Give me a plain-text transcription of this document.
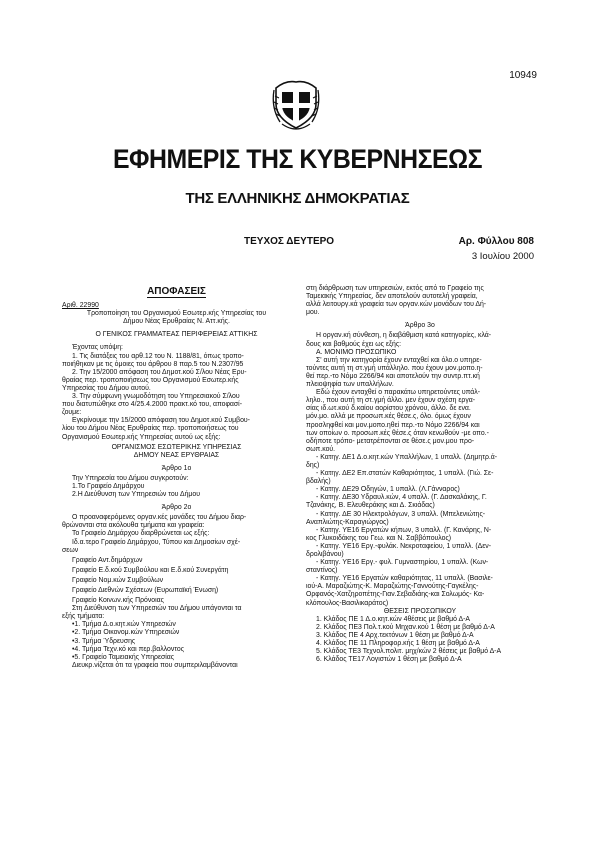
10949
ΕΦΗΜΕΡΙΣ ΤΗΣ ΚΥΒΕΡΝΗΣΕΩΣ
ΤΗΣ ΕΛΛΗΝΙΚΗΣ ΔΗΜΟΚΡΑΤΙΑΣ
ΤΕΥΧΟΣ ΔΕΥΤΕΡΟ	Αρ. Φύλλου 808
3 Ιουλίου 2000
ΑΠΟΦΑΣΕΙΣ

Αριθ. 22990

Τροποποίηση του Οργανισμού Εσωτερ.κής Υπηρεσίας του

Δήμου Νέας Ερυθραίας Ν. Αττ.κής.

Ο ΓΕΝΙΚΟΣ ΓΡΑΜΜΑΤΕΑΣ ΠΕΡΙΦΕΡΕΙΑΣ ΑΤΤΙΚΗΣ

Έχοντας υπόψη:

1. Τις διατάξεις του αρθ.12 του Ν. 1188/81, όπως τροπο-

ποιήθηκαν με τις όμοιες του άρθρου 8 παρ.5 του Ν.2307/95

2. Την 15/2000 απόφαση του Δημοτ.κού Σ/λου Νέας Ερυ-

θραίας περ. τροποποιήσεως του Οργανισμού Εσωτερ.κής

Υπηρεσίας του Δήμου αυτού.

3. Την σύμφωνη γνωμοδότηση του Υπηρεσιακού Σ/λου

που διατυπώθηκε στο 4/25.4.2000 πρακτ.κό του, αποφασί-

ζουμε:

Εγκρίνουμε την 15/2000 απόφαση του Δημοτ.κού Συμβου-

λίου του Δήμου Νέας Ερυθραίας περ. τροποποιήσεως του

Οργανισμού Εσωτερ.κής Υπηρεσίας αυτού ως εξής:

ΟΡΓΑΝΙΣΜΟΣ ΕΣΩΤΕΡΙΚΗΣ ΥΠΗΡΕΣΙΑΣ

ΔΗΜΟΥ ΝΕΑΣ ΕΡΥΘΡΑΙΑΣ

Άρθρο 1ο

Την Υπηρεσία του Δήμου συγκροτούν:

1.Το Γραφείο Δημάρχου

2.Η Διεύθυνση των Υπηρεσιών του Δήμου

Άρθρο 2ο

Ο προαναφερόμενες οργαν.κές μονάδες του Δήμου διαρ-

θρώνονται στα ακόλουθα τμήματα και γραφεία:

Το Γραφείο Δημάρχου διαρθρώνεται ως εξής:

Ιδ.α.τερο Γραφείο Δημάρχου, Τύπου και Δημοσίων σχέ-

σεων

Γραφείο Αντ.δημάρχων

Γραφείο Ε.δ.κού Συμβούλου και Ε.δ.κού Συνεργάτη

Γραφείο Νομ.κών Συμβούλων

Γραφείο Διεθνών Σχέσεων (Ευρωπαϊκή Ένωση)

Γραφείο Κοινων.κής Πρόνοιας

Στη Διεύθυνση των Υπηρεσιών του Δήμου υπάγονται τα

εξής τμήματα:

•1. Τμήμα Δ.ο.κητ.κών Υπηρεσιών

•2. Τμήμα Οικονομ.κών Υπηρεσιών

•3. Τμήμα Ύδρευσης

•4. Τμήμα Τεχν.κό και περ.βαλλοντος

•5. Γραφείο Ταμειακής Υπηρεσίας

Διευκρ.νίζεται ότι τα γραφεία που συμπεριλαμβάνονται

στη διάρθρωση των υπηρεσιών, εκτός από το Γραφείο της

Ταμειακής Υπηρεσίας, δεν αποτελούν αυτοτελή γραφεία,

αλλά λειτουργ.κά γραφεία των οργαν.κών μονάδων του Δή-

μου.

Άρθρο 3ο

Η οργαν.κή σύνθεση, η διαβάθμιση κατά κατηγορίες, κλά-

δους και βαθμούς έχει ως εξής:

Α. ΜΟΝΙΜΟ ΠΡΟΣΩΠΙΚΟ

Σ' αυτή την κατηγορία έχουν ενταχθεί και όλο.ο υπηρε-

τούντες αυτή τη στ.γμή υπάλληλο. που έχουν μον.μοπο.η-

θεί περ.-το Νόμο 2266/94 και αποτελούν την συντρ.πτ.κή

πλειοψηφία των υπαλλήλων.

Εδώ έχουν ενταχθεί ο παρακάτω υπηρετούντες υπάλ-

ληλο., που αυτή τη στ.γμή άλλο. μεν έχουν σχέση εργα-

σίας ιδ.ωτ.κού δ.καίου αορίστου χρόνου, άλλο. δε ενα.

μόν.μο. αλλά με προσωπ.κές θέσε.ς, όλο. όμως έχουν

προσληφθεί και μον.μοπο.ηθεί περ.-το Νόμο 2266/94 και

των οποίων ο. προσωπ.κές θέσε.ς όταν κενωθούν -με οπο.-

οδήποτε τρόπο- μετατρέπονται σε θέσε.ς μον.μου προ-

σωπ.κού.

- Κατηγ. ΔΕ1 Δ.ο.κητ.κών Υπαλλήλων, 1 υπαλλ. (Δημητρ.ά-

δης)

- Κατηγ. ΔΕ2 Επ.στατών Καθαριότητας, 1 υπαλλ. (Γιώ. Σε-

βδαλής)

- Κατηγ. ΔΕ29 Οδηγών, 1 υπαλλ. (Λ.Γάνναρος)

- Κατηγ. ΔΕ30 Υδραυλ.κών, 4 υπαλλ. (Γ. Δασκαλάκης, Γ.

Τζανάκης, Β. Ελευθεράκης και Δ. Σκιάδας)

- Κατηγ. ΔΕ 30 Ηλεκτρολόγων, 3 υπαλλ. (Μπελενιώτης-

Αναπλιώτης-Καραγιώργος)

- Κατηγ. ΥΕ16 Εργατών κήπων, 3 υπαλλ. (Γ. Κανάρης, Ν-

κος Γλυκοιδάκης του Γεω. και Ν. Σαββόπουλος)

- Κατηγ. ΥΕ16 Εργ.-φυλάκ. Νεκροταφείου, 1 υπαλλ. (Δεν-

δρολιβάνου)

- Κατηγ. ΥΕ16 Εργ.- φυλ. Γυμναστηρίου, 1 υπαλλ. (Κων-

σταντίνος)

- Κατηγ. ΥΕ16 Εργατών καθαριότητας, 11 υπαλλ. (Βασιλε-

ιού-Α. Μαραζιώτης-Κ. Μαραζιώτης-Γαννούτης-Γαγκέλης-

Ορφανός-Χατζηροπέτης-Γιαν.Σεβαδιάης-και Σολωμός- Κα-

κλόπουλος-Βασιλικαράτος)

ΘΕΣΕΙΣ ΠΡΟΣΩΠΙΚΟΥ

1. Κλάδος ΠΕ 1 Δ.ο.κητ.κών 4θέσεις με βαθμό Δ-Α

2. Κλάδος ΠΕ3 Πολ.τ.κού Μηχαν.κού 1 θέση με βαθμό Δ-Α

3. Κλάδος ΠΕ 4 Αρχ.τεκτόνων 1 θέση με βαθμό Δ-Α

4. Κλάδος ΠΕ 11 Πληροφορ.κής 1 θέση με βαθμό Δ-Α

5. Κλάδος ΤΕ3 Τεχνολ.πολιτ. μηχ/κών 2 θέσεις με βαθμό Δ-Α

6. Κλάδος ΤΕ17 Λογιστών 1 θέση με βαθμό Δ-Α
